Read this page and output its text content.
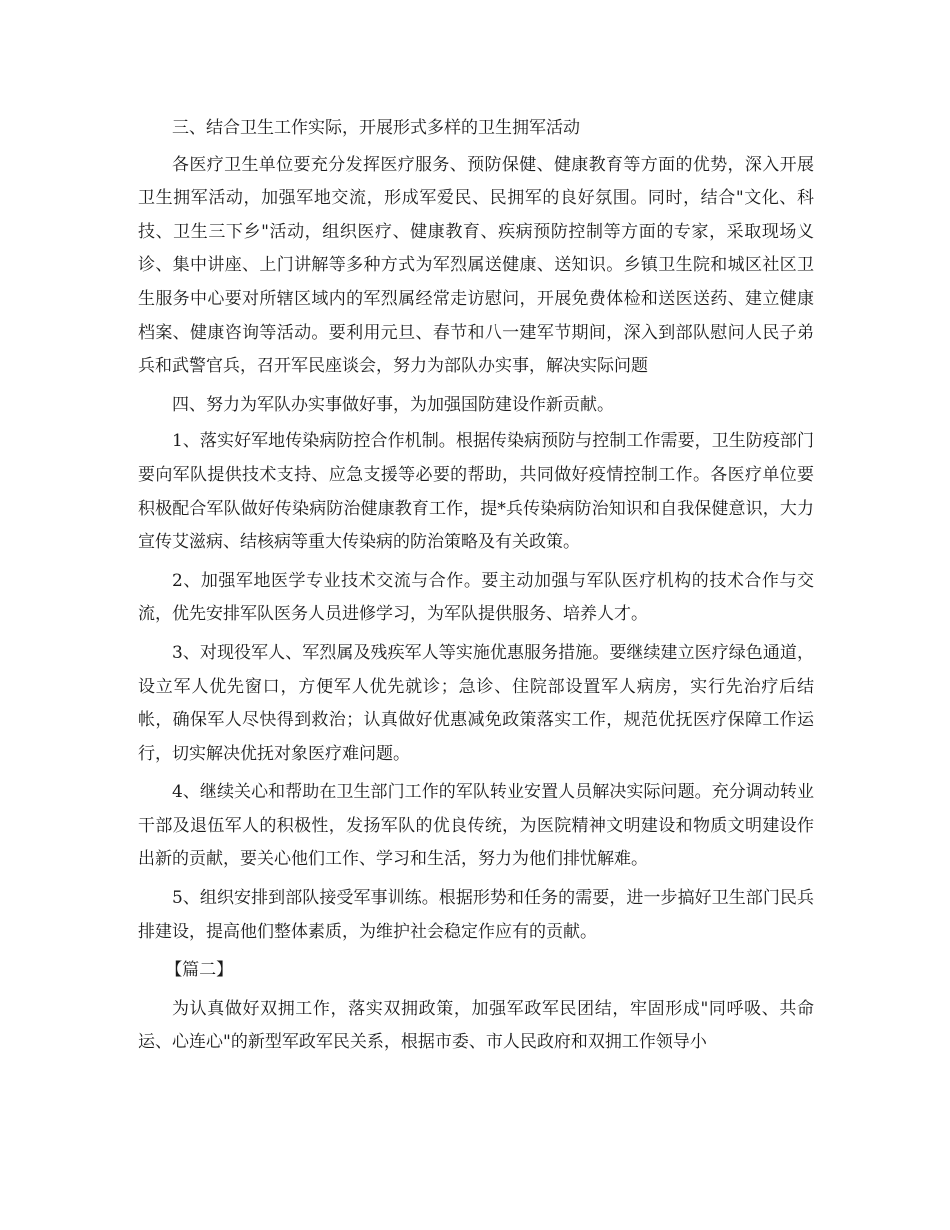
三、结合卫生工作实际，开展形式多样的卫生拥军活动

各医疗卫生单位要充分发挥医疗服务、预防保健、健康教育等方面的优势，深入开展卫生拥军活动，加强军地交流，形成军爱民、民拥军的良好氛围。同时，结合"文化、科技、卫生三下乡"活动，组织医疗、健康教育、疾病预防控制等方面的专家，采取现场义诊、集中讲座、上门讲解等多种方式为军烈属送健康、送知识。乡镇卫生院和城区社区卫生服务中心要对所辖区域内的军烈属经常走访慰问，开展免费体检和送医送药、建立健康档案、健康咨询等活动。要利用元旦、春节和八一建军节期间，深入到部队慰问人民子弟兵和武警官兵，召开军民座谈会，努力为部队办实事，解决实际问题

四、努力为军队办实事做好事，为加强国防建设作新贡献。

1、落实好军地传染病防控合作机制。根据传染病预防与控制工作需要，卫生防疫部门要向军队提供技术支持、应急支援等必要的帮助，共同做好疫情控制工作。各医疗单位要积极配合军队做好传染病防治健康教育工作，提*兵传染病防治知识和自我保健意识，大力宣传艾滋病、结核病等重大传染病的防治策略及有关政策。

2、加强军地医学专业技术交流与合作。要主动加强与军队医疗机构的技术合作与交流，优先安排军队医务人员进修学习，为军队提供服务、培养人才。

3、对现役军人、军烈属及残疾军人等实施优惠服务措施。要继续建立医疗绿色通道，设立军人优先窗口，方便军人优先就诊；急诊、住院部设置军人病房，实行先治疗后结帐，确保军人尽快得到救治；认真做好优惠减免政策落实工作，规范优抚医疗保障工作运行，切实解决优抚对象医疗难问题。

4、继续关心和帮助在卫生部门工作的军队转业安置人员解决实际问题。充分调动转业干部及退伍军人的积极性，发扬军队的优良传统，为医院精神文明建设和物质文明建设作出新的贡献，要关心他们工作、学习和生活，努力为他们排忧解难。

5、组织安排到部队接受军事训练。根据形势和任务的需要，进一步搞好卫生部门民兵排建设，提高他们整体素质，为维护社会稳定作应有的贡献。

【篇二】

为认真做好双拥工作，落实双拥政策，加强军政军民团结，牢固形成"同呼吸、共命运、心连心"的新型军政军民关系，根据市委、市人民政府和双拥工作领导小
